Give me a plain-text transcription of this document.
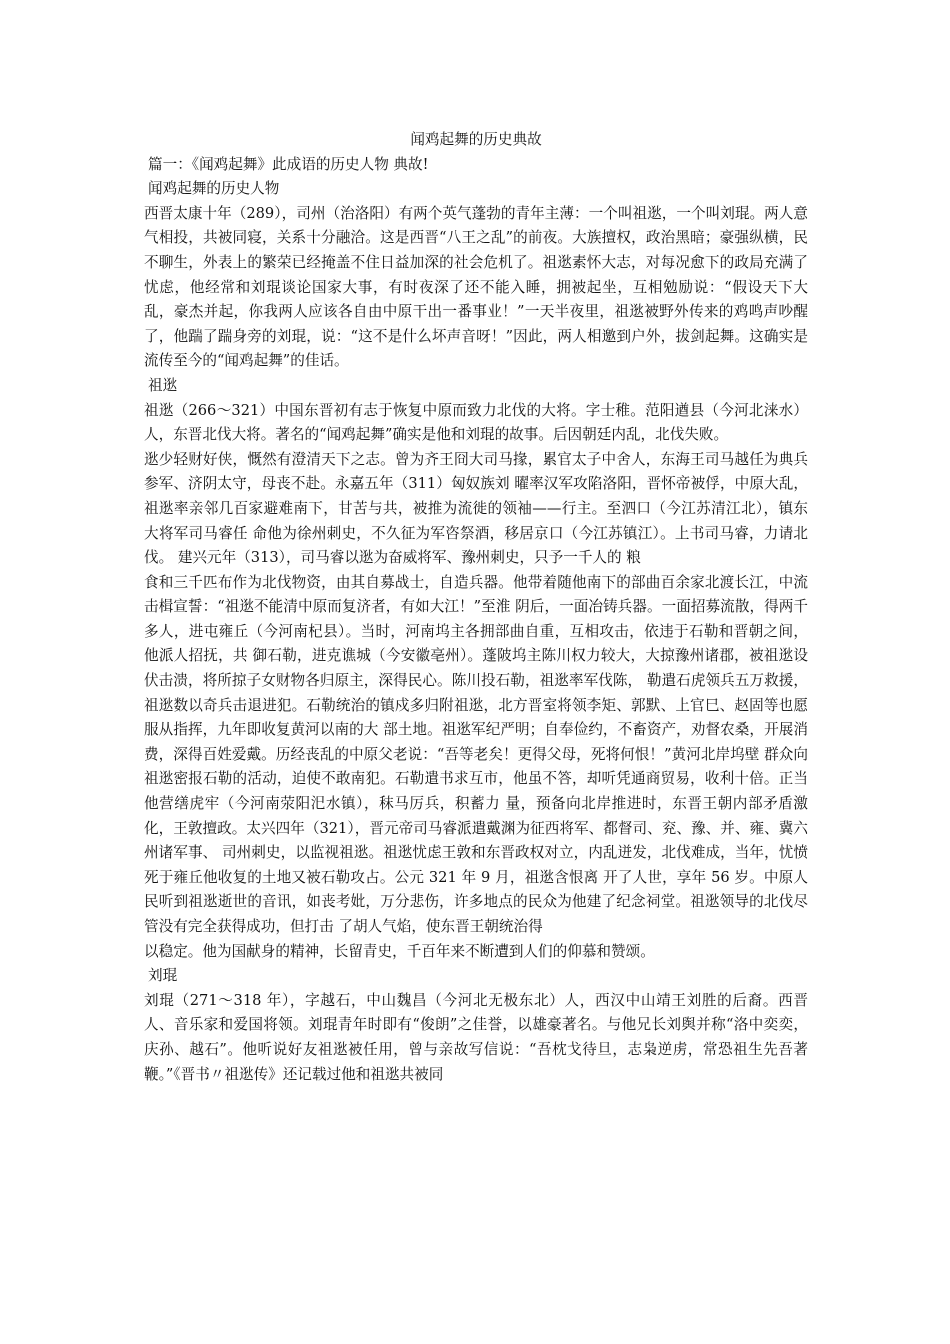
闻鸡起舞的历史典故

篇一：《闻鸡起舞》此成语的历史人物 典故!

闻鸡起舞的历史人物

西晋太康十年（289），司州（治洛阳）有两个英气蓬勃的青年主薄：一个叫祖逖，一个叫刘琨。两人意气相投，共被同寝，关系十分融洽。这是西晋“八王之乱”的前夜。大族擅权，政治黑暗；豪强纵横，民不聊生，外表上的繁荣已经掩盖不住日益加深的社会危机了。祖逖素怀大志，对每况愈下的政局充满了忧虑，他经常和刘琨谈论国家大事，有时夜深了还不能入睡，拥被起坐，互相勉励说：“假设天下大乱，豪杰并起，你我两人应该各自由中原干出一番事业！”一天半夜里，祖逖被野外传来的鸡鸣声吵醒了，他踹了踹身旁的刘琨，说：“这不是什么坏声音呀！”因此，两人相邀到户外，拔剑起舞。这确实是流传至今的“闻鸡起舞”的佳话。

祖逖

祖逖（266～321）中国东晋初有志于恢复中原而致力北伐的大将。字士稚。范阳遒县（今河北涞水）人，东晋北伐大将。著名的“闻鸡起舞”确实是他和刘琨的故事。后因朝廷内乱，北伐失败。

逖少轻财好侠，慨然有澄清天下之志。曾为齐王冏大司马掾，累官太子中舍人，东海王司马越任为典兵参军、济阴太守，母丧不赴。永嘉五年（311）匈奴族刘 曜率汉军攻陷洛阳，晋怀帝被俘，中原大乱，祖逖率亲邻几百家避难南下，甘苦与共，被推为流徙的领袖——行主。至泗口（今江苏清江北），镇东大将军司马睿任 命他为徐州刺史，不久征为军咨祭酒，移居京口（今江苏镇江）。上书司马睿，力请北伐。 建兴元年（313），司马睿以逖为奋威将军、豫州刺史，只予一千人的 粮

食和三千匹布作为北伐物资，由其自募战士，自造兵器。他带着随他南下的部曲百余家北渡长江，中流击楫宣誓：“祖逖不能清中原而复济者，有如大江！”至淮 阴后，一面冶铸兵器。一面招募流散，得两千多人，进屯雍丘（今河南杞县）。当时，河南坞主各拥部曲自重，互相攻击，依违于石勒和晋朝之间，他派人招抚，共 御石勒，进克谯城（今安徽亳州）。蓬陂坞主陈川权力较大，大掠豫州诸郡，被祖逖设伏击溃，将所掠子女财物各归原主，深得民心。陈川投石勒，祖逖率军伐陈， 勒遣石虎领兵五万救援，祖逖数以奇兵击退进犯。石勒统治的镇戍多归附祖逖，北方晋室将领李矩、郭默、上官巳、赵固等也愿服从指挥，九年即收复黄河以南的大 部土地。祖逖军纪严明；自奉俭约，不畜资产，劝督农桑，开展消费，深得百姓爱戴。历经丧乱的中原父老说：“吾等老矣！更得父母，死将何恨！”黄河北岸坞壁 群众向祖逖密报石勒的活动，迫使不敢南犯。石勒遣书求互市，他虽不答，却听凭通商贸易，收利十倍。正当他营缮虎牢（今河南荥阳汜水镇），秣马厉兵，积蓄力 量，预备向北岸推进时，东晋王朝内部矛盾激化，王敦擅政。太兴四年（321），晋元帝司马睿派遣戴渊为征西将军、都督司、兖、豫、并、雍、冀六州诸军事、 司州刺史，以监视祖逖。祖逖忧虑王敦和东晋政权对立，内乱迸发，北伐难成，当年，忧愤死于雍丘他收复的土地又被石勒攻占。公元 321 年 9 月，祖逖含恨离 开了人世，享年 56 岁。中原人民听到祖逖逝世的音讯，如丧考妣，万分悲伤，许多地点的民众为他建了纪念祠堂。祖逖领导的北伐尽管没有完全获得成功，但打击 了胡人气焰，使东晋王朝统治得

以稳定。他为国献身的精神，长留青史，千百年来不断遭到人们的仰慕和赞颂。

刘琨

刘琨（271～318 年），字越石，中山魏昌（今河北无极东北）人，西汉中山靖王刘胜的后裔。西晋人、音乐家和爱国将领。刘琨青年时即有“俊朗”之佳誉，以雄豪著名。与他兄长刘舆并称“洛中奕奕，庆孙、越石”。他听说好友祖逖被任用，曾与亲故写信说：“吾枕戈待旦，志枭逆虏，常恐祖生先吾著鞭。”《晋书〃祖逖传》还记载过他和祖逖共被同
